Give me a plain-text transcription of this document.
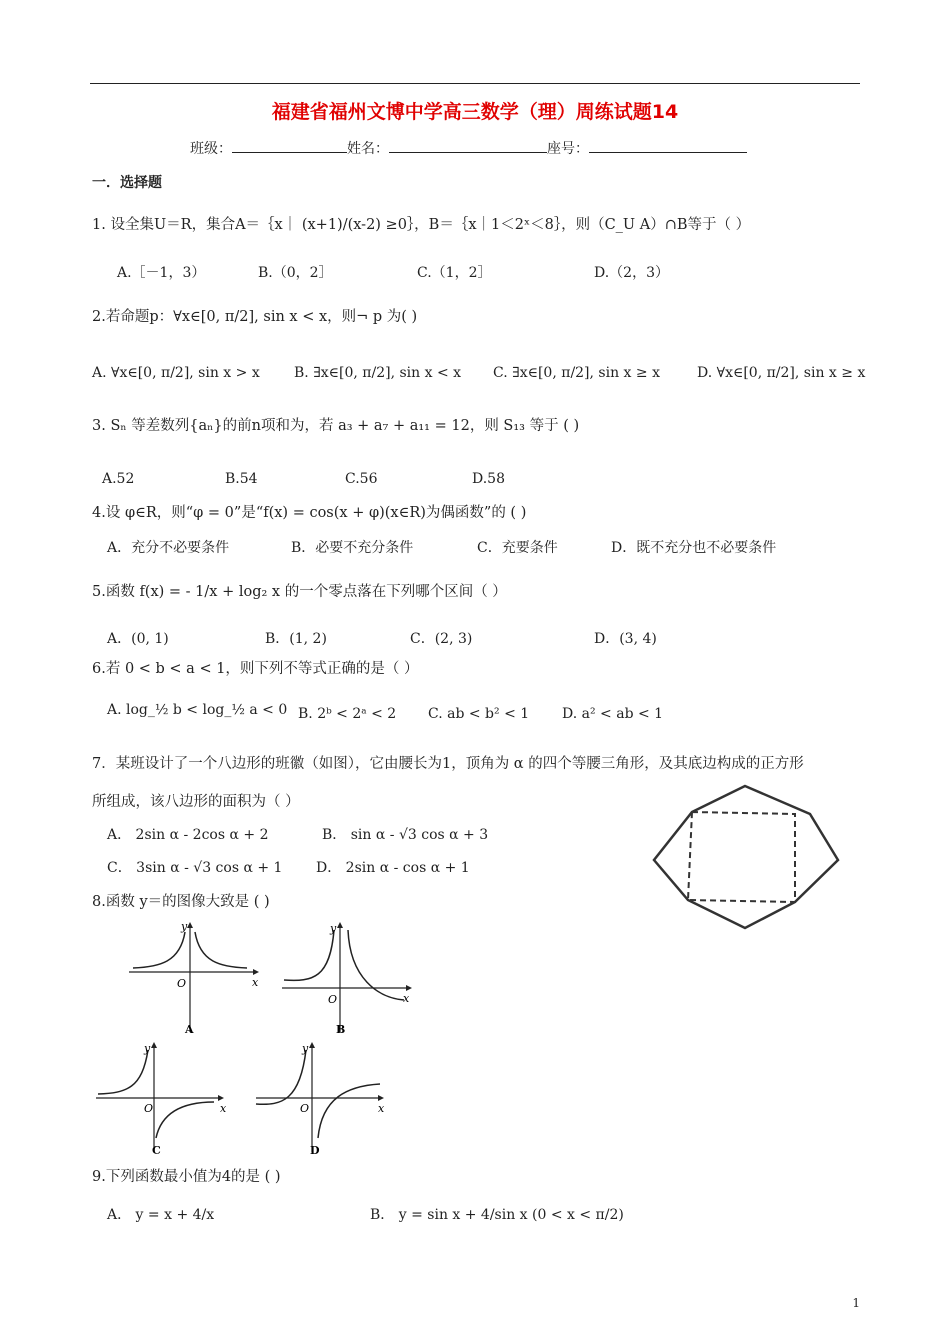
福建省福州文博中学高三数学（理）周练试题14
班级：	姓名：	座号：
一．选择题
1. 设全集U＝R，集合A＝｛x｜ (x+1)/(x-2) ≥0｝，B＝｛x｜1＜2ˣ＜8｝，则（C_U A）∩B等于（ ）
A.［－1，3）	B.（0，2］	C.（1，2］	D.（2，3）
2.若命题p：∀x∈[0, π/2], sin x < x，则¬ p 为( )
A. ∀x∈[0, π/2], sin x > x B. ∃x∈[0, π/2], sin x < x C. ∃x∈[0, π/2], sin x ≥ x	D. ∀x∈[0, π/2], sin x ≥ x
3. Sₙ 等差数列{aₙ}的前n项和为，若 a₃ + a₇ + a₁₁ = 12，则 S₁₃ 等于 ( )
A.52	B.54	C.56	D.58
4.设 φ∈R，则“φ = 0”是“f(x) = cos(x + φ)(x∈R)为偶函数”的 ( )
A．充分不必要条件	B．必要不充分条件	C．充要条件	D．既不充分也不必要条件
5.函数 f(x) = - 1/x + log₂ x 的一个零点落在下列哪个区间（ ）
A．(0, 1)	B．(1, 2)	C．(2, 3)	D．(3, 4)
6.若 0 < b < a < 1，则下列不等式正确的是（ ）
A. log_½ b < log_½ a < 0 B. 2ᵇ < 2ᵃ < 2 C. ab < b² < 1 D. a² < ab < 1
7．某班设计了一个八边形的班徽（如图），它由腰长为1，顶角为 α 的四个等腰三角形，及其底边构成的正方形
所组成，该八边形的面积为（ ）
A． 2sin α - 2cos α + 2	B． sin α - √3 cos α + 3
C． 3sin α - √3 cos α + 1 D． 2sin α - cos α + 1
8.函数 y＝的图像大致是 ( )
y
x
O
A
y
x
O
B
y
x
O
C
y
x
O
D
9.下列函数最小值为4的是 ( )
A． y = x + 4/x	B． y = sin x + 4/sin x (0 < x < π/2)
1
